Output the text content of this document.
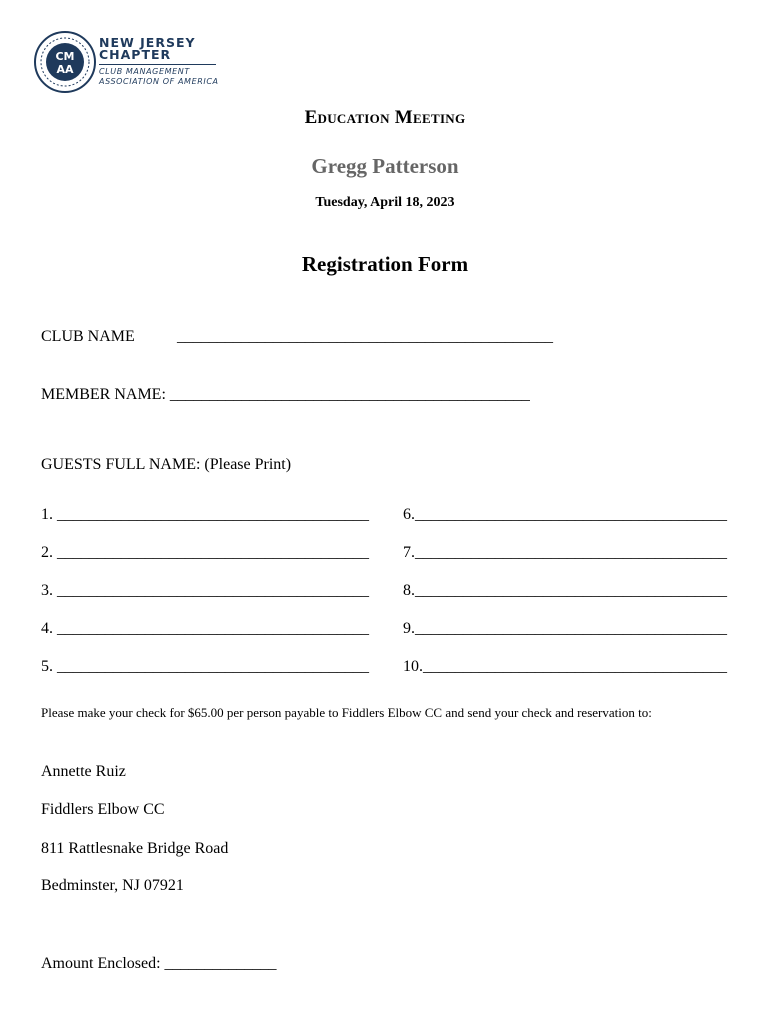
CM
AA
NEW JERSEY
CHAPTER
CLUB MANAGEMENT
ASSOCIATION OF AMERICA
Education Meeting
Gregg Patterson
Tuesday, April 18, 2023
Registration Form
CLUB NAME	_______________________________________________
MEMBER NAME: _____________________________________________
GUESTS FULL NAME: (Please Print)
1. _______________________________________
2. _______________________________________
3. _______________________________________
4. _______________________________________
5. _______________________________________
6._______________________________________
7._______________________________________
8._______________________________________
9._______________________________________
10.______________________________________
Please make your check for $65.00 per person payable to Fiddlers Elbow CC and send your check and reservation to:
Annette Ruiz
Fiddlers Elbow CC
811 Rattlesnake Bridge Road
Bedminster, NJ 07921
Amount Enclosed: ______________
